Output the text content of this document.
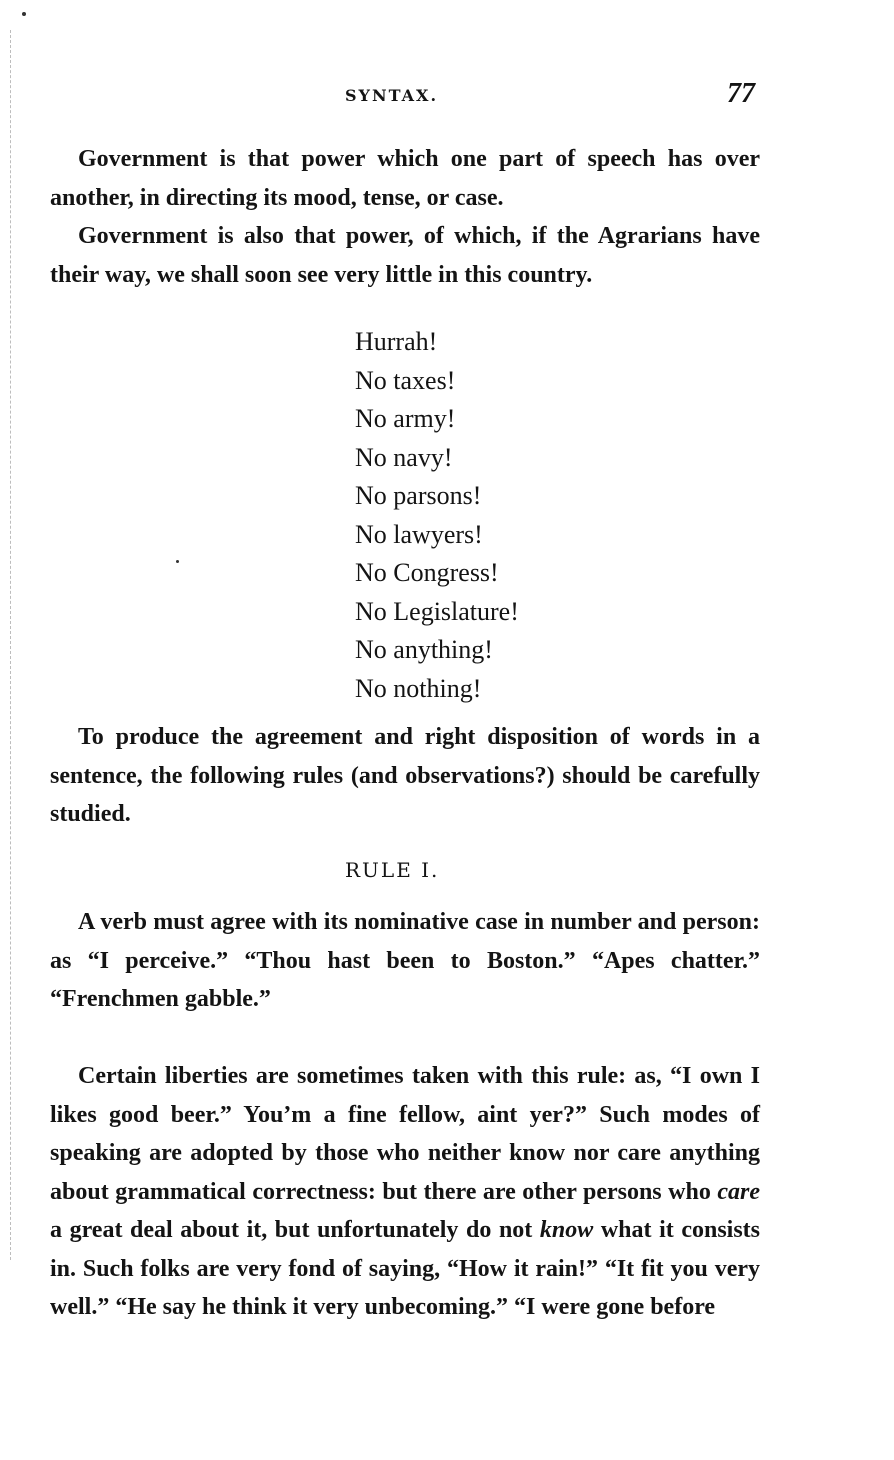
SYNTAX.	77

Government is that power which one part of speech has over another, in directing its mood, tense, or case.

Government is also that power, of which, if the Agrarians have their way, we shall soon see very little in this country.

Hurrah!
No taxes!
No army!
No navy!
No parsons!
No lawyers!
No Congress!
No Legislature!
No anything!
No nothing!

To produce the agreement and right disposition of words in a sentence, the following rules (and observations?) should be carefully studied.

RULE I.

A verb must agree with its nominative case in number and person: as “I perceive.” “Thou hast been to Boston.” “Apes chatter.” “Frenchmen gabble.”

Certain liberties are sometimes taken with this rule: as, “I own I likes good beer.” You’m a fine fellow, aint yer?” Such modes of speaking are adopted by those who neither know nor care anything about grammatical correctness: but there are other persons who care a great deal about it, but unfortunately do not know what it consists in. Such folks are very fond of saying, “How it rain!” “It fit you very well.” “He say he think it very unbecoming.” “I were gone before
